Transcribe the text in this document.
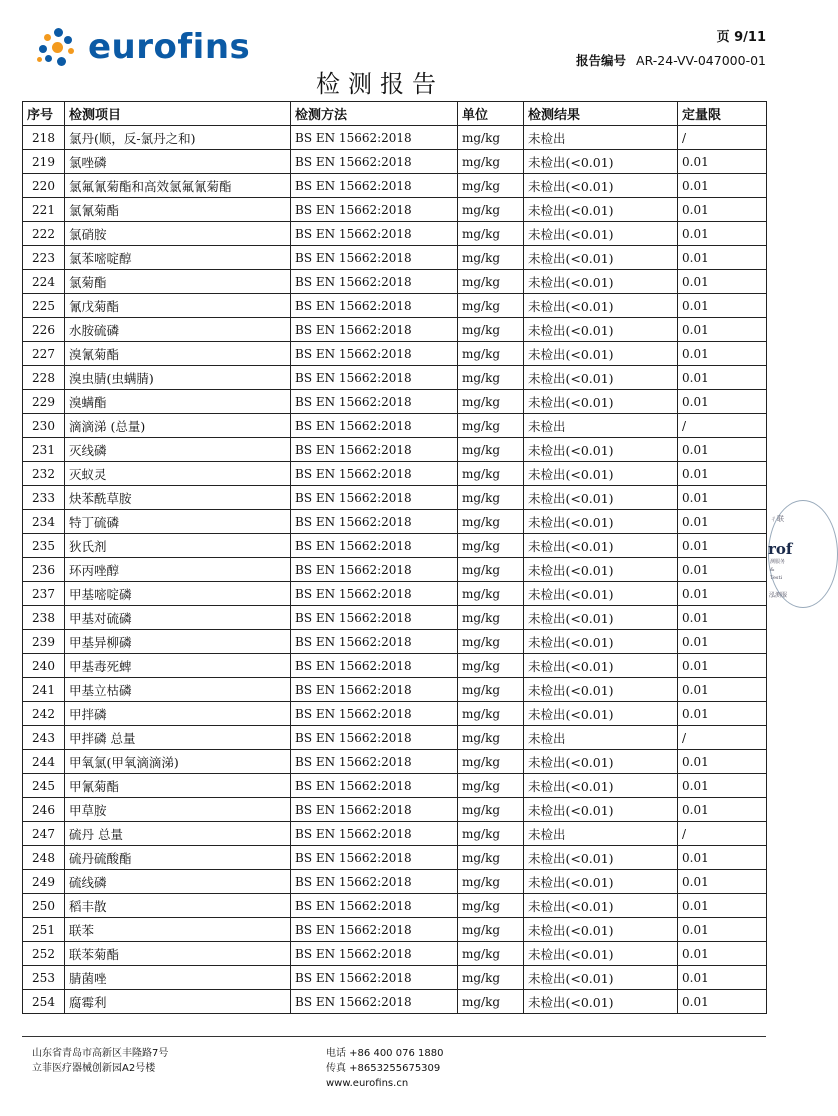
eurofins	页 9/11
报告编号 AR-24-VV-047000-01
检测报告
序号	检测项目	检测方法	单位	检测结果	定量限
218	氯丹(顺，反-氯丹之和)	BS EN 15662:2018	mg/kg	未检出	/
219	氯唑磷	BS EN 15662:2018	mg/kg	未检出(<0.01)	0.01
220	氯氟氰菊酯和高效氯氟氰菊酯	BS EN 15662:2018	mg/kg	未检出(<0.01)	0.01
221	氯氰菊酯	BS EN 15662:2018	mg/kg	未检出(<0.01)	0.01
222	氯硝胺	BS EN 15662:2018	mg/kg	未检出(<0.01)	0.01
223	氯苯嘧啶醇	BS EN 15662:2018	mg/kg	未检出(<0.01)	0.01
224	氯菊酯	BS EN 15662:2018	mg/kg	未检出(<0.01)	0.01
225	氰戊菊酯	BS EN 15662:2018	mg/kg	未检出(<0.01)	0.01
226	水胺硫磷	BS EN 15662:2018	mg/kg	未检出(<0.01)	0.01
227	溴氰菊酯	BS EN 15662:2018	mg/kg	未检出(<0.01)	0.01
228	溴虫腈(虫螨腈)	BS EN 15662:2018	mg/kg	未检出(<0.01)	0.01
229	溴螨酯	BS EN 15662:2018	mg/kg	未检出(<0.01)	0.01
230	滴滴涕 (总量)	BS EN 15662:2018	mg/kg	未检出	/
231	灭线磷	BS EN 15662:2018	mg/kg	未检出(<0.01)	0.01
232	灭蚁灵	BS EN 15662:2018	mg/kg	未检出(<0.01)	0.01
233	炔苯酰草胺	BS EN 15662:2018	mg/kg	未检出(<0.01)	0.01
234	特丁硫磷	BS EN 15662:2018	mg/kg	未检出(<0.01)	0.01
235	狄氏剂	BS EN 15662:2018	mg/kg	未检出(<0.01)	0.01
236	环丙唑醇	BS EN 15662:2018	mg/kg	未检出(<0.01)	0.01
237	甲基嘧啶磷	BS EN 15662:2018	mg/kg	未检出(<0.01)	0.01
238	甲基对硫磷	BS EN 15662:2018	mg/kg	未检出(<0.01)	0.01
239	甲基异柳磷	BS EN 15662:2018	mg/kg	未检出(<0.01)	0.01
240	甲基毒死蜱	BS EN 15662:2018	mg/kg	未检出(<0.01)	0.01
241	甲基立枯磷	BS EN 15662:2018	mg/kg	未检出(<0.01)	0.01
242	甲拌磷	BS EN 15662:2018	mg/kg	未检出(<0.01)	0.01
243	甲拌磷 总量	BS EN 15662:2018	mg/kg	未检出	/
244	甲氧氯(甲氧滴滴涕)	BS EN 15662:2018	mg/kg	未检出(<0.01)	0.01
245	甲氰菊酯	BS EN 15662:2018	mg/kg	未检出(<0.01)	0.01
246	甲草胺	BS EN 15662:2018	mg/kg	未检出(<0.01)	0.01
247	硫丹 总量	BS EN 15662:2018	mg/kg	未检出	/
248	硫丹硫酸酯	BS EN 15662:2018	mg/kg	未检出(<0.01)	0.01
249	硫线磷	BS EN 15662:2018	mg/kg	未检出(<0.01)	0.01
250	稻丰散	BS EN 15662:2018	mg/kg	未检出(<0.01)	0.01
251	联苯	BS EN 15662:2018	mg/kg	未检出(<0.01)	0.01
252	联苯菊酯	BS EN 15662:2018	mg/kg	未检出(<0.01)	0.01
253	腈菌唑	BS EN 15662:2018	mg/kg	未检出(<0.01)	0.01
254	腐霉利	BS EN 15662:2018	mg/kg	未检出(<0.01)	0.01
ㄔ联
rof
测服务 & Testi
泓测服
山东省青岛市高新区丰隆路7号
立菲医疗器械创新园A2号楼
电话 +86 400 076 1880
传真 +8653255675309
www.eurofins.cn
